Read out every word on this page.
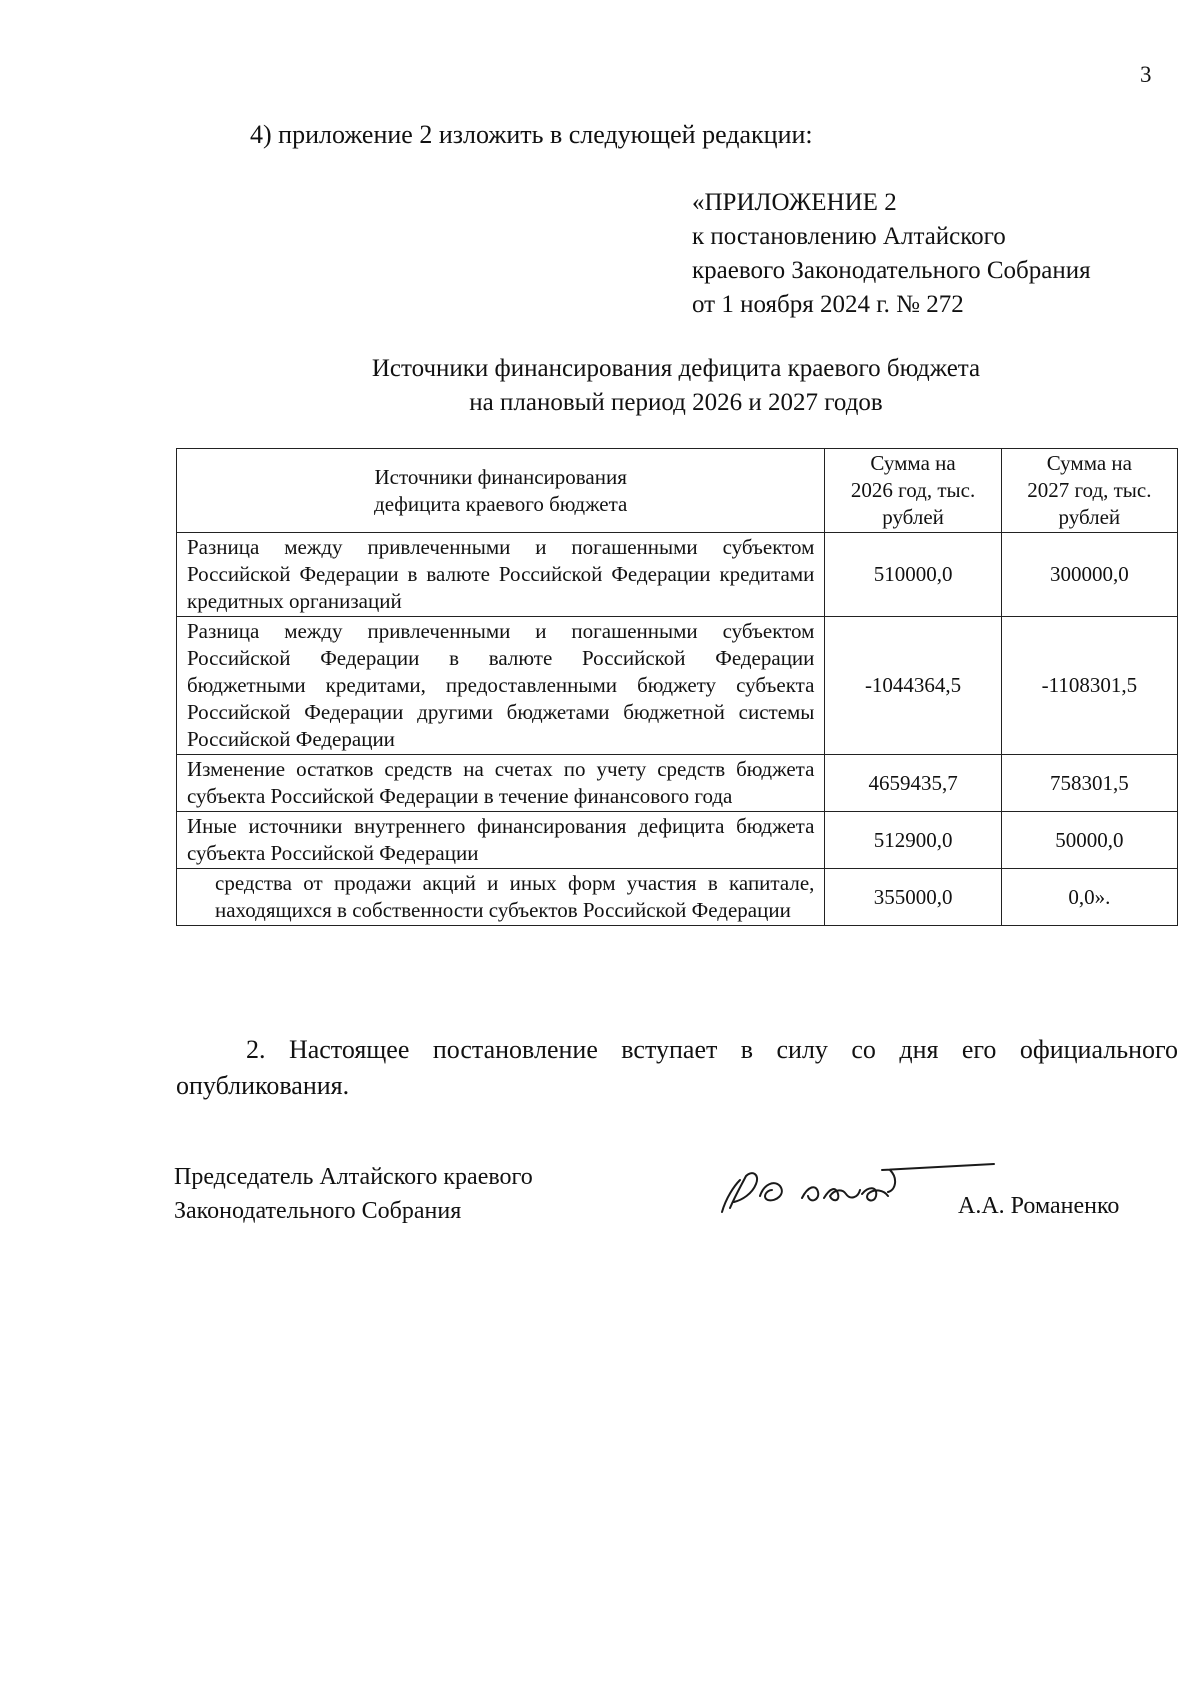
3
4) приложение 2 изложить в следующей редакции:
«ПРИЛОЖЕНИЕ 2
к постановлению Алтайского
краевого Законодательного Собрания
от 1 ноября 2024 г. № 272
Источники финансирования дефицита краевого бюджета
на плановый период 2026 и 2027 годов
Источники финансирования дефицита краевого бюджета	Сумма на 2026 год, тыс. рублей	Сумма на 2027 год, тыс. рублей

Разница между привлеченными и погашенными субъектом Российской Федерации в валюте Российской Федерации кредитами кредитных организаций	510000,0	300000,0
Разница между привлеченными и погашенными субъектом Российской Федерации в валюте Российской Федерации бюджетными кредитами, предоставленными бюджету субъекта Российской Федерации другими бюджетами бюджетной системы Российской Федерации	-1044364,5	-1108301,5
Изменение остатков средств на счетах по учету средств бюджета субъекта Российской Федерации в течение финансового года	4659435,7	758301,5
Иные источники внутреннего финансирования дефицита бюджета субъекта Российской Федерации	512900,0	50000,0
средства от продажи акций и иных форм участия в капитале, находящихся в собственности субъектов Российской Федерации	355000,0	0,0».
2. Настоящее постановление вступает в силу со дня его официального опубликования.
Председатель Алтайского краевого
Законодательного Собрания	А.А. Романенко
